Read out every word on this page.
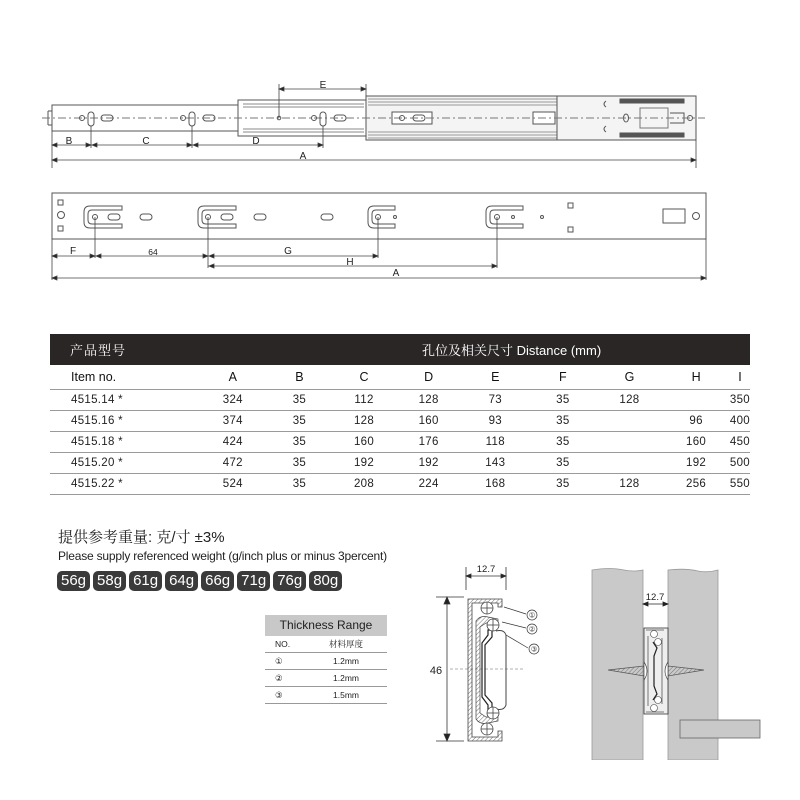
B	C	D
E
A
F	64	G
H
A
产品型号	孔位及相关尺寸 Distance (mm)								
Item no.	A	B	C	D	E	F	G	H	I
4515.14 *	324	35	112	128	73	35	128		350
4515.16 *	374	35	128	160	93	35		96	400
4515.18 *	424	35	160	176	118	35		160	450
4515.20 *	472	35	192	192	143	35		192	500
4515.22 *	524	35	208	224	168	35	128	256	550
提供参考重量: 克/寸 ±3%
Please supply referenced weight (g/inch plus or minus 3percent)
56g 58g 61g 64g 66g 71g 76g 80g
Thickness Range
NO.	材料厚度
①	1.2mm
②	1.2mm
③	1.5mm
12.7
46
①
②
③
12.7
